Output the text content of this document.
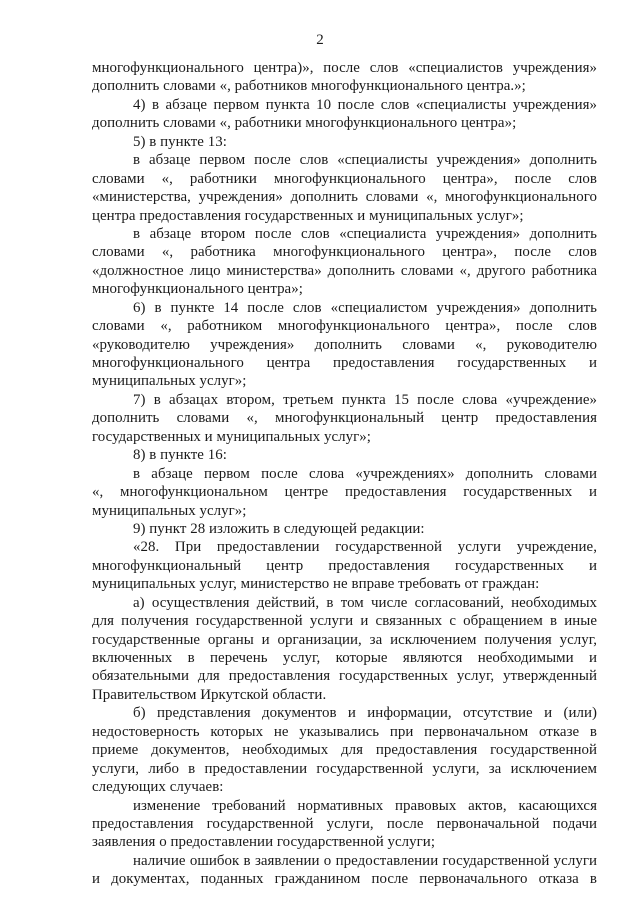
2
многофункционального центра)», после слов «специалистов учреждения»
дополнить словами «, работников многофункционального центра.»;
4) в абзаце первом пункта 10 после слов «специалисты учреждения»
дополнить словами «, работники многофункционального центра»;
5) в пункте 13:
в абзаце первом после слов «специалисты учреждения» дополнить
словами «, работники многофункционального центра», после слов
«министерства, учреждения» дополнить словами «, многофункционального
центра предоставления государственных и муниципальных услуг»;
в абзаце втором после слов «специалиста учреждения» дополнить
словами «, работника многофункционального центра», после слов
«должностное лицо министерства» дополнить словами «, другого работника
многофункционального центра»;
6) в пункте 14 после слов «специалистом учреждения» дополнить
словами «, работником многофункционального центра», после слов
«руководителю учреждения» дополнить словами «, руководителю
многофункционального центра предоставления государственных и
муниципальных услуг»;
7) в абзацах втором, третьем пункта 15 после слова «учреждение»
дополнить словами «, многофункциональный центр предоставления
государственных и муниципальных услуг»;
8) в пункте 16:
в абзаце первом после слова «учреждениях» дополнить словами
«, многофункциональном центре предоставления государственных и
муниципальных услуг»;
9) пункт 28 изложить в следующей редакции:
«28. При предоставлении государственной услуги учреждение,
многофункциональный центр предоставления государственных и
муниципальных услуг, министерство не вправе требовать от граждан:
а) осуществления действий, в том числе согласований, необходимых
для получения государственной услуги и связанных с обращением в иные
государственные органы и организации, за исключением получения услуг,
включенных в перечень услуг, которые являются необходимыми и
обязательными для предоставления государственных услуг, утвержденный
Правительством Иркутской области.
б) представления документов и информации, отсутствие и (или)
недостоверность которых не указывались при первоначальном отказе в
приеме документов, необходимых для предоставления государственной
услуги, либо в предоставлении государственной услуги, за исключением
следующих случаев:
изменение требований нормативных правовых актов, касающихся
предоставления государственной услуги, после первоначальной подачи
заявления о предоставлении государственной услуги;
наличие ошибок в заявлении о предоставлении государственной услуги
и документах, поданных гражданином после первоначального отказа в
